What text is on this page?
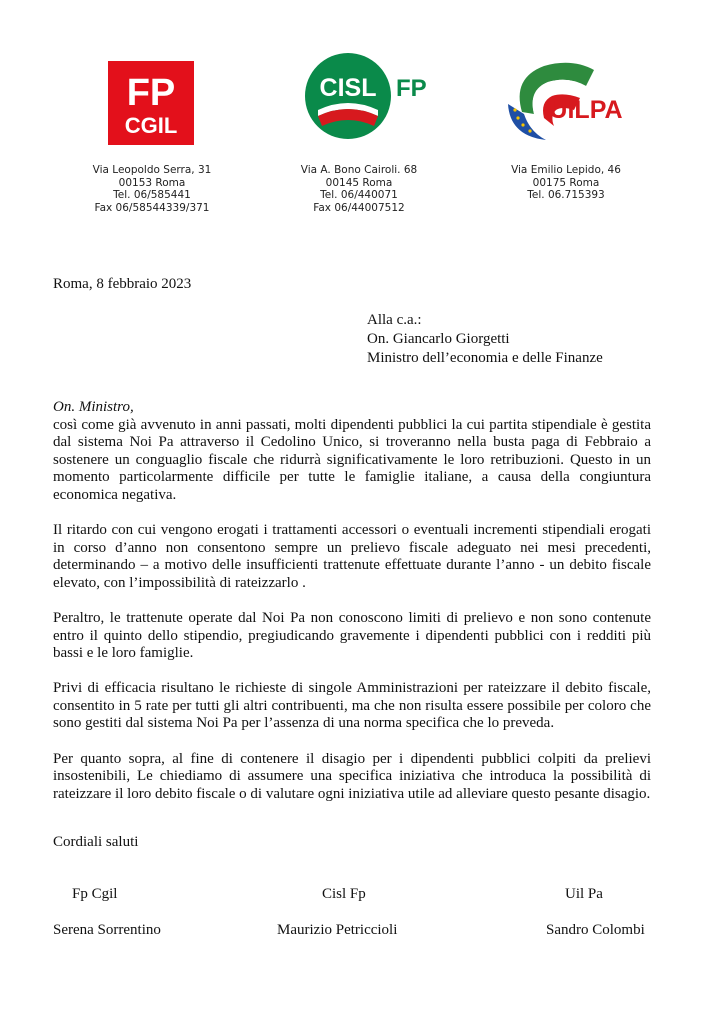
FP
CGIL
CISL FP
UILPA
Via Leopoldo Serra, 31
00153 Roma
Tel. 06/585441
Fax 06/58544339/371
Via A. Bono Cairoli. 68
00145 Roma
Tel. 06/440071
Fax 06/44007512
Via Emilio Lepido, 46
00175 Roma
Tel. 06.715393
Roma, 8 febbraio 2023
Alla c.a.:
On. Giancarlo Giorgetti
Ministro dell’economia e delle Finanze

On. Ministro,
così come già avvenuto in anni passati, molti dipendenti pubblici la cui partita stipendiale è gestita dal sistema Noi Pa attraverso il Cedolino Unico, si troveranno nella busta paga di Febbraio a sostenere un conguaglio fiscale che ridurrà significativamente le loro retribuzioni. Questo in un momento particolarmente difficile per tutte le famiglie italiane, a causa della congiuntura economica negativa.

Il ritardo con cui vengono erogati i trattamenti accessori o eventuali incrementi stipendiali erogati in corso d’anno non consentono sempre un prelievo fiscale adeguato nei mesi precedenti, determinando – a motivo delle insufficienti trattenute effettuate durante l’anno - un debito fiscale elevato, con l’impossibilità di rateizzarlo .

Peraltro, le trattenute operate dal Noi Pa non conoscono limiti di prelievo e non sono contenute entro il quinto dello stipendio, pregiudicando gravemente i dipendenti pubblici con i redditi più bassi e le loro famiglie.

Privi di efficacia risultano le richieste di singole Amministrazioni per rateizzare il debito fiscale, consentito in 5 rate per tutti gli altri contribuenti, ma che non risulta essere possibile per coloro che sono gestiti dal sistema Noi Pa per l’assenza di una norma specifica che lo preveda.

Per quanto sopra, al fine di contenere il disagio per i dipendenti pubblici colpiti da prelievi insostenibili, Le chiediamo di assumere una specifica iniziativa che introduca la possibilità di rateizzare il loro debito fiscale o di valutare ogni iniziativa utile ad alleviare questo pesante disagio.

Cordiali saluti
Fp Cgil	Cisl Fp	Uil Pa
Serena Sorrentino	Maurizio Petriccioli	Sandro Colombi
